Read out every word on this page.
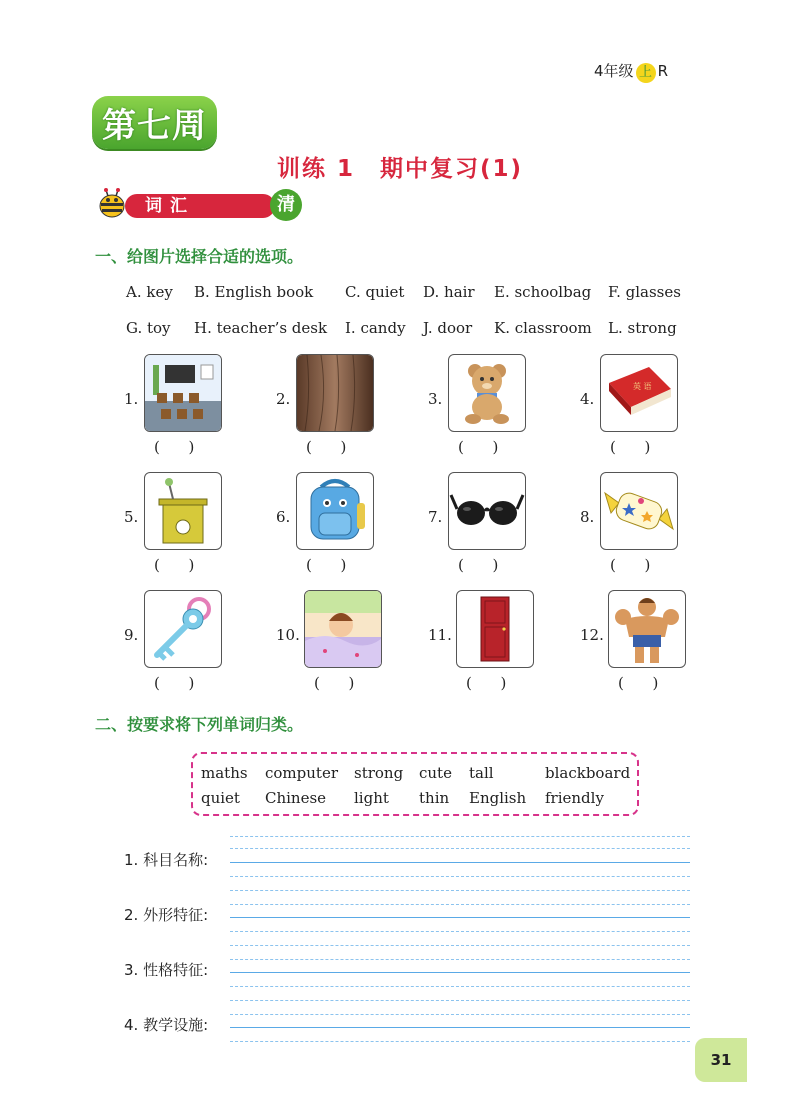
4年级 上 R
第七周
训练 1　期中复习(1)
词汇	清
一、给图片选择合适的选项。
A. key B. English book C. quiet D. hair E. schoolbag F. glasses
G. toy H. teacher’s desk I. candy J. door K. classroom L. strong
1.
(      )
2.
(      )
3.
(      )
4.
英 语
(      )
5.
(      )
6.
(      )
7.
(      )
8.
(      )
9.
(      )
10.
(      )
11.
(      )
12.
(      )
二、按要求将下列单词归类。
maths computer strong cute tall	blackboard
quiet Chinese light thin English friendly
1. 科目名称:
2. 外形特征:
3. 性格特征:
4. 教学设施:
31
